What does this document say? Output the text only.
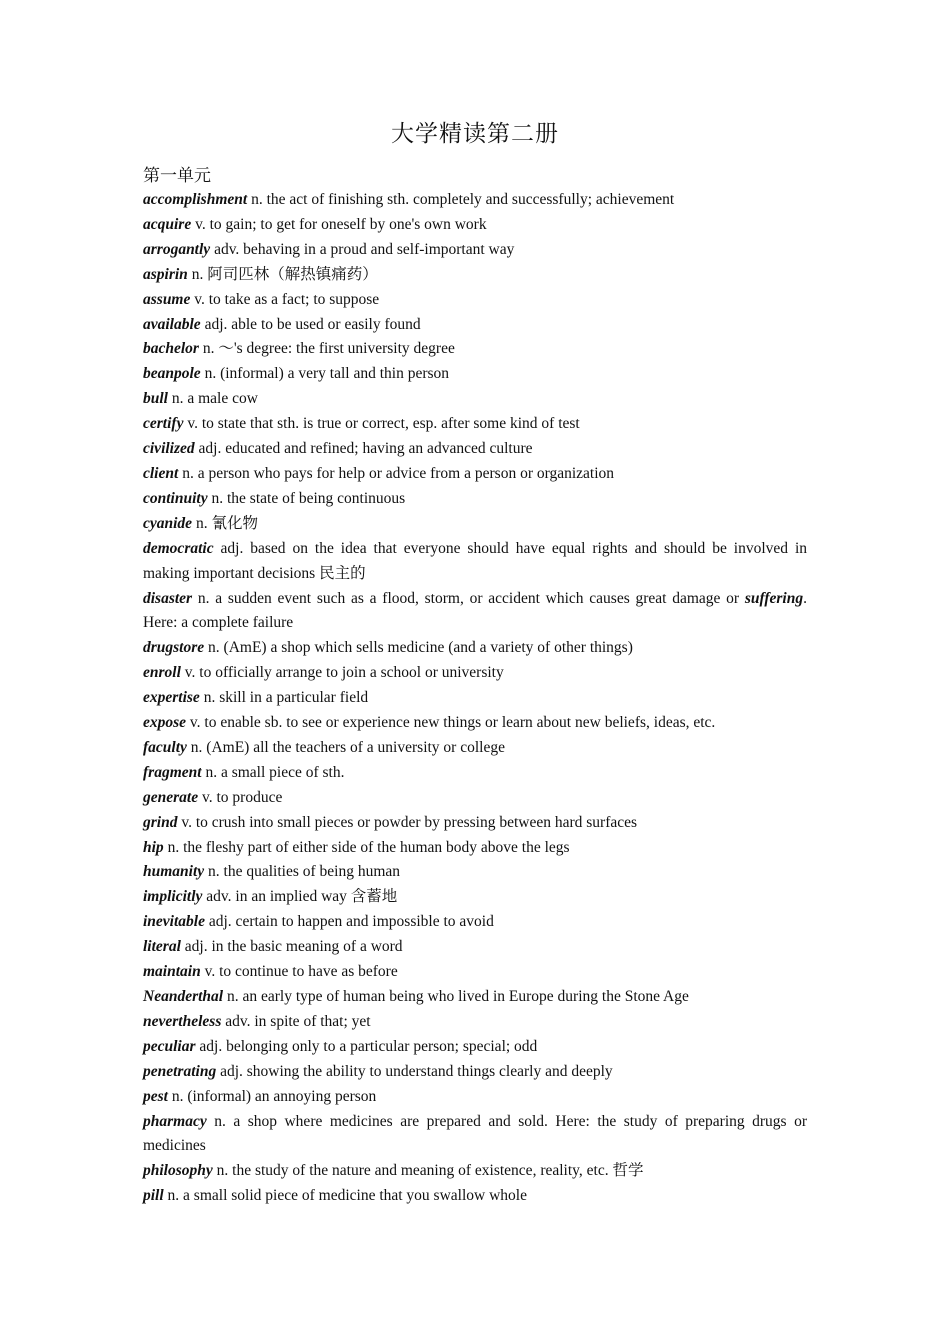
大学精读第二册
第一单元
accomplishment n. the act of finishing sth. completely and successfully; achievement
acquire v. to gain; to get for oneself by one's own work
arrogantly adv. behaving in a proud and self-important way
aspirin n. 阿司匹林（解热镇痛药）
assume v. to take as a fact; to suppose
available adj. able to be used or easily found
bachelor n. ～'s degree: the first university degree
beanpole n. (informal) a very tall and thin person
bull n. a male cow
certify v. to state that sth. is true or correct, esp. after some kind of test
civilized adj. educated and refined; having an advanced culture
client n. a person who pays for help or advice from a person or organization
continuity n. the state of being continuous
cyanide n. 氰化物
democratic adj. based on the idea that everyone should have equal rights and should be involved in making important decisions 民主的
disaster n. a sudden event such as a flood, storm, or accident which causes great damage or suffering. Here: a complete failure
drugstore n. (AmE) a shop which sells medicine (and a variety of other things)
enroll v. to officially arrange to join a school or university
expertise n. skill in a particular field
expose v. to enable sb. to see or experience new things or learn about new beliefs, ideas, etc.
faculty n. (AmE) all the teachers of a university or college
fragment n. a small piece of sth.
generate v. to produce
grind v. to crush into small pieces or powder by pressing between hard surfaces
hip n. the fleshy part of either side of the human body above the legs
humanity n. the qualities of being human
implicitly adv. in an implied way 含蓄地
inevitable adj. certain to happen and impossible to avoid
literal adj. in the basic meaning of a word
maintain v. to continue to have as before
Neanderthal n. an early type of human being who lived in Europe during the Stone Age
nevertheless adv. in spite of that; yet
peculiar adj. belonging only to a particular person; special; odd
penetrating adj. showing the ability to understand things clearly and deeply
pest n. (informal) an annoying person
pharmacy n. a shop where medicines are prepared and sold. Here: the study of preparing drugs or medicines
philosophy n. the study of the nature and meaning of existence, reality, etc. 哲学
pill n. a small solid piece of medicine that you swallow whole
